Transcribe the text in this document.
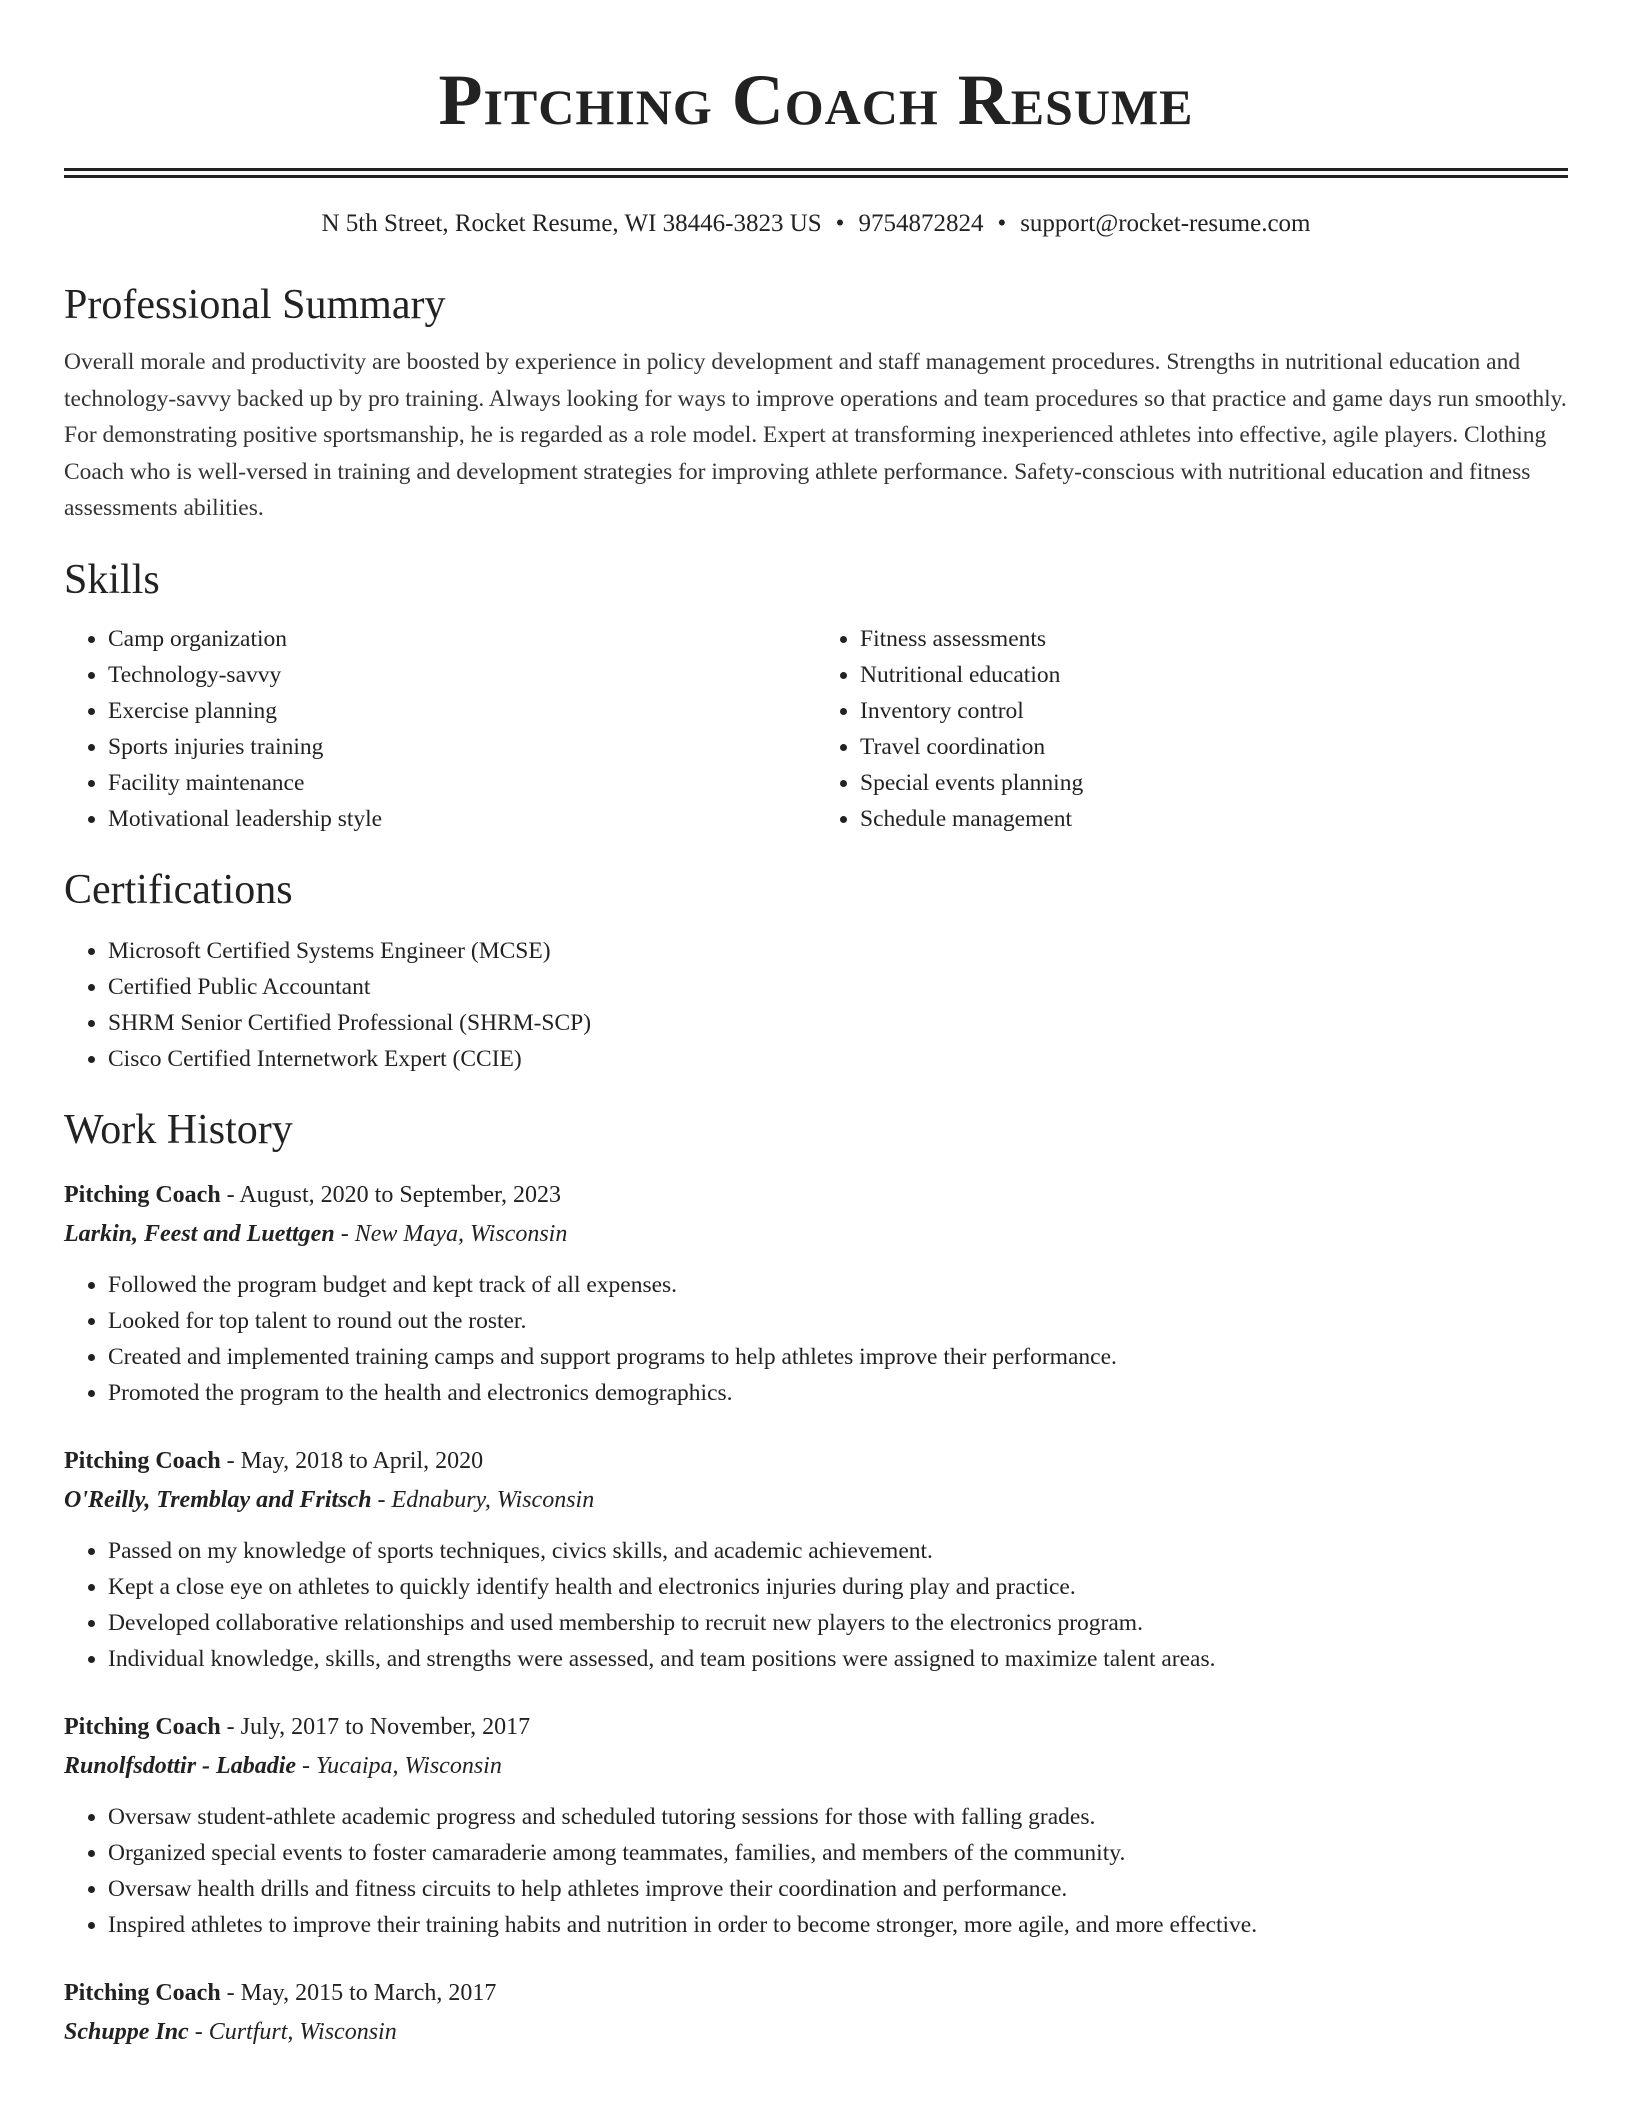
Pitching Coach Resume
N 5th Street, Rocket Resume, WI 38446-3823 US • 9754872824 • support@rocket-resume.com
Professional Summary

Overall morale and productivity are boosted by experience in policy development and staff management procedures. Strengths in nutritional education and technology-savvy backed up by pro training. Always looking for ways to improve operations and team procedures so that practice and game days run smoothly. For demonstrating positive sportsmanship, he is regarded as a role model. Expert at transforming inexperienced athletes into effective, agile players. Clothing Coach who is well-versed in training and development strategies for improving athlete performance. Safety-conscious with nutritional education and fitness assessments abilities.

Skills
• Camp organization
• Technology-savvy
• Exercise planning
• Sports injuries training
• Facility maintenance
• Motivational leadership style
• Fitness assessments
• Nutritional education
• Inventory control
• Travel coordination
• Special events planning
• Schedule management
Certifications
• Microsoft Certified Systems Engineer (MCSE)
• Certified Public Accountant
• SHRM Senior Certified Professional (SHRM-SCP)
• Cisco Certified Internetwork Expert (CCIE)
Work History
Pitching Coach - August, 2020 to September, 2023
Larkin, Feest and Luettgen - New Maya, Wisconsin
• Followed the program budget and kept track of all expenses.
• Looked for top talent to round out the roster.
• Created and implemented training camps and support programs to help athletes improve their performance.
• Promoted the program to the health and electronics demographics.
Pitching Coach - May, 2018 to April, 2020
O'Reilly, Tremblay and Fritsch - Ednabury, Wisconsin
• Passed on my knowledge of sports techniques, civics skills, and academic achievement.
• Kept a close eye on athletes to quickly identify health and electronics injuries during play and practice.
• Developed collaborative relationships and used membership to recruit new players to the electronics program.
• Individual knowledge, skills, and strengths were assessed, and team positions were assigned to maximize talent areas.
Pitching Coach - July, 2017 to November, 2017
Runolfsdottir - Labadie - Yucaipa, Wisconsin
• Oversaw student-athlete academic progress and scheduled tutoring sessions for those with falling grades.
• Organized special events to foster camaraderie among teammates, families, and members of the community.
• Oversaw health drills and fitness circuits to help athletes improve their coordination and performance.
• Inspired athletes to improve their training habits and nutrition in order to become stronger, more agile, and more effective.
Pitching Coach - May, 2015 to March, 2017
Schuppe Inc - Curtfurt, Wisconsin
